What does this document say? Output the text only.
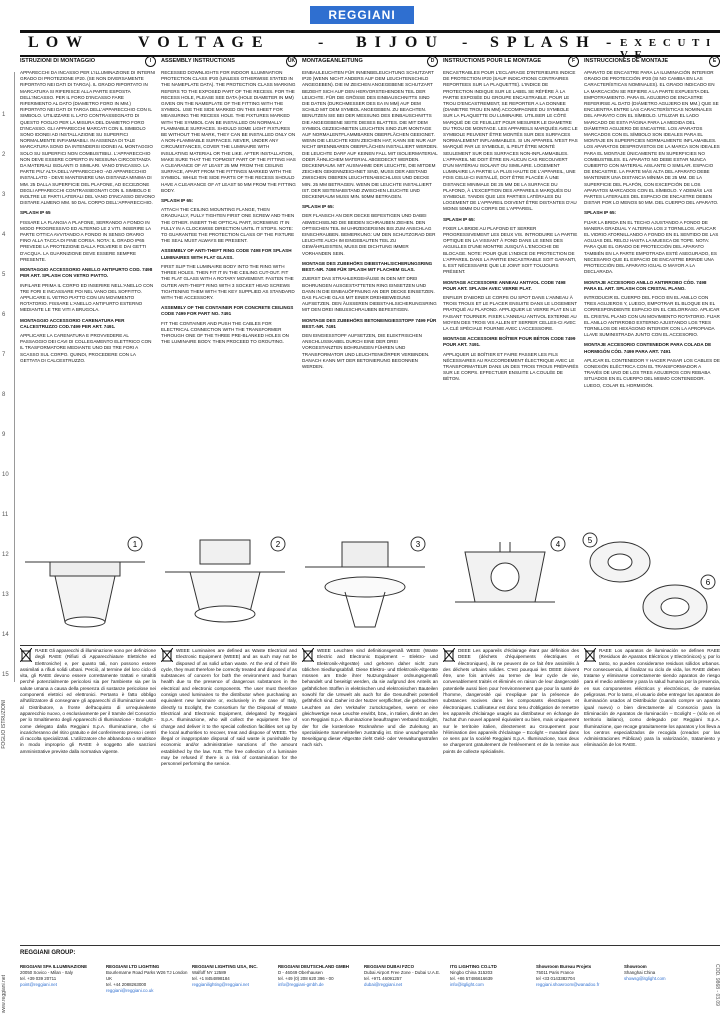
1
2
3
4
5
6
7
8
9
10
11
12
13
14
15
FOGLIO ISTRUZIONI
REGGIANI
L O W	V O L T A G E	- B I J O U - S P L A S H - E X E C U T I V E
ISTRUZIONI DI MONTAGGIO	I

APPARECCHI DA INCASSO PER L'ILLUMINAZIONE DI INTERNI GRADO DI PROTEZIONE IP20. (SE NON DIVERSAMENTE RIPORTATO NEI DATI DI TARGA). IL GRADO RIPORTATO IN MARCATURA SI RIFERISCE ALLA PARTE ESPOSTA DELL'INCASSO. PER IL FORO D'INCASSO FARE RIFERIMENTO AL DATO (DIAMETRO FORO IN MM.) RIPORTATO NEI DATI DI TARGA DELL'APPARECCHIO CON IL SIMBOLO. UTILIZZARE IL LATO CONTRASSEGNATO DI QUESTO FOGLIO PER LA MISURA DEL DIAMETRO FORO D'INCASSO. GLI APPARECCHI MARCATI CON IL SIMBOLO SONO IDONEI AD INSTALLAZIONE SU SUPERFICI NORMALMENTE INFIAMMABILI. IN ASSENZA DI TALE MARCATURA SONO DA INTENDERSI IDONEI AL MONTAGGIO SOLO SU SUPERFICI NON COMBUSTIBILI. L'APPARECCHIO NON DEVE ESSERE COPERTO IN NESSUNA CIRCOSTANZA DA MATERIALI ISOLANTI O SIMILARI. VANO D'INCASSO. LA PARTE PIU' ALTA DELL'APPARECCHIO -AD APPARECCHIO INSTALLATO - DEVE MANTENERE UNA DISTANZA MINIMA DI MM. 25 DALLA SUPERFICIE DEL PLAFONE, AD ECCEZIONE DEGLI APPARECCHI CONTRASSEGNATI CON IL SIMBOLO E INOLTRE LE PARTI LATERALI DEL VANO D'INCASSO DEVONO DISTARE ALMENO MM. 50 DAL CORPO DELL'APPARECCHIO.

SPLASH IP 65

FISSARE LA FLANGIA A PLAFONE, SERRANDO A FONDO IN MODO PROGRESSIVO ED ALTERNO LE 2 VITI. INSERIRE LA PARTE OTTICA AVVITANDO A FONDO IN SENSO ORARIO FINO ALLA TACCA DI FINE CORSA. NOTA: IL GRADO IP65 PREVEDE LA PROTEZIONE DALLA POLVERE E DAI GETTI D'ACQUA. LA GUARNIZIONE DEVE ESSERE SEMPRE PRESENTE.

MONTAGGIO ACCESSORIO ANELLO ANTIFURTO COD. 7498 PER ART. SPLASH CON VETRO PIATTO.

INFILARE PRIMA IL CORPO ED INSERIRE NELL'ANELLO CON TRE FORI E INCASSARE POI NEL VANO DEL SOFFITTO. APPLICARE IL VETRO PIATTO CON UN MOVIMENTO ROTATORIO. FISSARE L'ANELLO ANTIFURTO ESTERNO MEDIANTE LE TRE VITI A BRUGOLA.

MONTAGGIO ACCESSORIO CARENATURA PER CALCESTRUZZO COD.7499 PER ART. 7491.

APPLICARE LA CARENATURA E PROVVEDERE AL PASSAGGIO DEI CAVI DI COLLEGAMENTO ELETTRICO CON IL TRASFORMATORE MEDIANTE UNO DEI TRE FORI A SCASSO SUL CORPO. QUINDI, PROCEDERE CON LA GETTATA DI CALCESTRUZZO.

ASSEMBLY INSTRUCTIONS	UK

RECESSED DOWNLIGHTS FOR INDOOR ILLUMINATION PROTECTION CLASS IP20 (UNLESS OTHERWISE STATED IN THE NAMEPLATE DATA). THE PROTECTION CLASS MARKING REFERS TO THE EXPOSED PART OF THE RECESS. FOR THE RECESS HOLE, PLEASE SEE DATA (HOLE DIAMETER IN MM) GIVEN ON THE NAMEPLATE OF THE FITTING WITH THE SYMBOL. USE THE SIDE MARKED ON THIS SHEET FOR MEASURING THE RECESS HOLE. THE FIXTURES MARKED WITH THE SYMBOL CAN BE INSTALLED ON NORMALLY FLAMMABLE SURFACES. SHOULD SOME LIGHT FIXTURES BE WITHOUT THE MARK, THEY CAN BE INSTALLED ONLY ON A NON-FLAMMABLE SURFACES. NEVER, UNDER ANY CIRCUMSTANCES, COVER THE LUMINAIRE WITH INSULATING MATERIAL OR THE LIKE. AFTER INSTALLATION, MAKE SURE THAT THE TOPMOST PART OF THE FITTING HAS A CLEARANCE OF AT LEAST 25 MM FROM THE CEILING SURFACE, APART FROM THE FITTINGS MARKED WITH THE SYMBOL. WHILE THE SIDE PARTS OF THE RECESS SHOULD HAVE A CLEARANCE OF AT LEAST 50 MM FROM THE FITTING BODY.

SPLASH IP 65:

ATTACH THE CEILING MOUNTING FLANGE, THEN GRADUALLY, FULLY TIGHTEN FIRST ONE SCREW AND THEN THE OTHER. INSERT THE OPTICAL PART, SCREWING IT IN FULLY IN A CLOCKWISE DIRECTION UNTIL IT STOPS. NOTE: TO GUARANTEE THE PROTECTION CLASS OF THE FIXTURE THE SEAL MUST ALWAYS BE PRESENT.

ASSEMBLY OF ANTI-THEFT RING CODE 7498 FOR SPLASH LUMINAIRES WITH FLAT GLASS.

FIRST SLIP THE LUMINAIRE BODY INTO THE RING WITH THREE HOLES. THEN FIT IT IN THE CEILING CUT-OUT. FIT THE FLAT GLASS WITH A ROTARY MOVEMENT. FASTEN THE OUTER ANTI-THEFT RING WITH 3 SOCKET HEAD SCREWS TIGHTENING THEM WITH THE KEY SUPPLIED AS STANDARD WITH THE ACCESSORY.

ASSEMBLY OF THE CONTAINER FOR CONCRETE CEILINGS CODE 7499 FOR PART NO. 7491

FIT THE CONTAINER AND PUSH THE CABLES FOR ELECTRICAL CONNECTION WITH THE TRANSFORMER THROUGH ONE OF THE THREE PRE-BLANKED HOLES ON THE LUMINAIRE BODY. THEN PROCEED TO GROUTING.

MONTAGEANLEITUNG	D

EINBAULEUCHTEN FÜR INNENBELEUCHTUNG SCHUTZART IP20 (WENN NICHT ANDERS AUF DEM LEUCHTENSCHILD ANGEGEBEN). DIE IM ZEICHEN ANGEGEBENE SCHUTZART BEZIEHT SICH AUF DEN HERVORSTEHENDEN TEIL DER LEUCHTE. FÜR DIE GRÖSSE DES EINBAUSCHNITTS SIND DIE DATEN (DURCHMESSER DES EA IN MM) AUF DEM SCHILD MIT DEM SYMBOL ANGEGEBEN. ZU BEACHTEN. BENUTZEN SIE BEI DER MESSUNG DES EINBAUSCHNITTS DIE ANGEGEBENE SEITE DIESES BLATTES. DIE MIT DEM SYMBOL GEZEICHNETEN LEUCHTEN SIND ZUR MONTAGE AUF NORMALENTFLAMMBAREN OBERFLÄCHEN GEEIGNET. WENN DIE LEUCHTE KEIN ZEICHEN HAT, KANN SIE NUR AUF NICHT BRENNBAREN OBERFLÄCHEN INSTALLIERT WERDEN. DIE LEUCHTE DARF AUF KEINEN FALL MIT ISOLIERMATERIAL ODER ÄHNLICHEM MATERIAL ABGEDECKT WERDEN. DECKENRAUM. MIT AUSNAHME DER LEUCHTE, DIE MITDEM ZEICHEN GEKENNZEICHNET SIND, MUSS DER ABSTAND ZWISCHEN OBEREN LEUCHTENABSCHLUSS UND DECKE MIN. 25 MM BETRAGEN. WENN DIE LEUCHTE INSTALLIERT IST. DER SEITENABSTAND ZWISCHEN LEUCHTE UND DECKENRAUM MUSS MIN. 50MM BETRAGEN.

SPLASH IP 65:

DER FLANSCH AN DER DECKE BEFESTIGEN UND DABEI ABWECHSELND DIE BEIDEN SCHRAUBEN ZIEHEN. DEN OPTISCHEN TEIL IM UHRZEIGERSINN BIS ZUM ANSCHLAG EINSCHRAUBEN. BEMERKUNG: UM DEN SCHUTZGRAD DER LEUCHTE AUCH IM EINGEBAUTEN TEIL ZU GEWÄHRLEISTEN, MUSS DIE DICHTUNG IMMER VORHANDEN SEIN.

MONTAGE DES ZUBEHÖRS DIEBSTAHLSICHERUNGSRING BEST.-NR. 7498 FÜR SPLASH MIT FLACHEM GLAS.

ZUERST DAS STRAHLERGEHÄUSE IN DEN MIT DREI BOHRUNGEN AUSGESTATTETEN RING EINSETZEN UND DANN IN DIE EINBAUÖFFNUNG AN DER DECKE EINSETZEN. DAS FLACHE GLAS MIT EINER DREHBEWEGUNG AUFSETZEN. DEN ÄUSSEREN DIEBSTAHLSICHERUNGSRING MIT DEN DREI INBUSSCHRAUBEN BEFESTIGEN.

MONTAGE DES ZUBEHÖRS BETONEINGIESSTOPF 7499 FÜR BEST.-NR. 7491

DEN EINGIESSTOPF AUFSETZEN, DIE ELEKTRISCHEN ANSCHLUSSKABEL DURCH EINE DER DREI VORGESTANZTEN BOHRUNGEN FÜHREN UND TRANSFORMATOR UND LEUCHTENKÖRPER VERBINDEN. DANACH KANN MIT DER BETONIERUNG BEGONNEN WERDEN.

INSTRUCTIONS POUR LE MONTAGE	F

ENCASTRABLES POUR L'ECLAIRAGE D'INTERIEURS INDICE DE PROTECTION IP20 (SAUF INDICATIONS CONTRAIRES REPORTEES SUR LA PLAQUETTE). L'INDICE DE PROTECTION INDIQUE SUR LE LABEL SE RÉFÈRE À LA PARTIE EXPOSÉE DU GROUPE ENCASTRABLE. POUR LE TROU D'ENCASTREMENT, SE REPORTER A LA DONNEE (DIAMETRE TROU EN MM) ACCOMPAGNEE DU SYMBOLE SUR LA PLAQUETTE DU LUMINAIRE. UTILISER LE CÔTÉ MARQUÉ DE CE FEUILLET POUR MESURER LE DIAMETRE DU TROU DE MONTAGE. LES APPAREILS MARQUÉS AVEC LE SYMBOLE PEUVENT ÊTRE MONTÉS SUR DES SURFACES NORMALEMENT INFLAMMABLES. SI UN APPAREIL N'EST PAS MARQUÉ PAR LE SYMBOLE, IL PEUT ÊTRE MONTÉ SEULEMENT SUR DES SURFACES NON-INFLAMMABLES. L'APPAREIL NE DOIT ÊTRE EN AUCUN CAS RECOUVERT D'UN MATÉRIAU ISOLANT OU SIMILAIRE. LOGEMENT LUMINAIRE LA PARTIE LA PLUS HAUTE DE L'APPAREIL, UNE FOIS CELUI-CI INSTALLÉ, DOIT ÊTRE PLACÉE À UNE DISTANCE MINIMALE DE 25 MM DE LA SURFACE DU PLAFOND, À L'EXCEPTION DES APPAREILS MARQUÉS DU SYMBOLE. TANDIS QUE LES PARTIES LATÉRALES DU LOGEMENT DE L'APPAREIL DOIVENT ÊTRE DISTANTES D'AU MOINS 50MM DU CORPS DE L'APPAREIL.

SPLASH IP 65:

FIXER LA BRIDE AU PLAFOND ET SERRER PROGRESSIVEMENT LES DEUX VIS. INTRODUIRE LA PARTIE OPTIQUE EN LA VISSANT À FOND DANS LE SENS DES AIGUILLES D'UNE MONTRE JUSQU'À L'ENCOCHE DE BLOCAGE. NOTE: POUR QUE L'INDICE DE PROTECTION DE L'APPAREIL DANS LA PARTIE ENCASTRABLE SOIT GARANTI, IL EST NÉCESSAIRE QUE LE JOINT SOIT TOUJOURS PRÉSENT.

MONTAGE ACCESSOIRE ANNEAU ANTIVOL CODE 7498 POUR ART. SPLASH AVEC VERRE PLAT.

ENFILER D'ABORD LE CORPS OU SPOT DANS L'ANNEAU À TROIS TROUS ET LE PLACER ENSUITE DANS LE LOGEMENT PRATIQUÉ AU PLAFOND. APPLIQUER LE VERRE PLAT EN LE FAISANT TOURNER. FIXER L'ANNEAU ANTIVOL EXTERNE AU MOYEN DES TROIS VIS ALLEN ET SERRER CELLES-CI AVEC LA CLÉ SPÉCIALE FOURNIE AVEC L'ACCESSOIRE.

MONTAGE ACCESSOIRE BOÎTIER POUR BÉTON CODE 7499 POUR ART. 7491.

APPLIQUER LE BOÎTIER ET FAIRE PASSER LES FILS NÉCESSAIRES AU RACCORDEMENT ÉLECTRIQUE AVEC LE TRANSFORMATEUR DANS UN DES TROIS TROUS PRÉPARÉS SUR LE CORPS. EFFECTUER ENSUITE LA COULÉE DE BÉTON.

INSTRUCCIONES DE MONTAJE	E

APARATO DE ENCASTRE PARA LA ILUMINACIÓN INTERIOR GRADO DE PROTECCIÓN IP20 (SI NO CAMBIA EN LAS CARACTERÍSTICAS NOMINALES). EL GRADO INDICADO EN LA MARCACIÓN SE REFIERE A LA PARTE EXPUESTA DEL EMPOTRAMIENTO. PARA EL AGUJERO DE ENCASTRE REFERIRSE AL DATO (DIÁMETRO AGUJERO EN MM.) QUE SE ENCUENTRA ENTRE LAS CARACTERÍSTICAS NOMINALES DEL APARATO CON EL SÍMBOLO. UTILIZAR EL LADO MARCADO DE ESTA PÁGINA PARA LA MEDIDA DEL DIÁMETRO AGUJERO DE ENCASTRE. LOS APARATOS MARCADOS CON EL SÍMBOLO SON IDEALES PARA EL MONTAJE EN SUPERFICIES NORMALMENTE INFLAMABLES. LOS APARATOS DESPROVISTOS DE LA MARCA SON IDEALES PARA EL MONTAJE ÚNICAMENTE EN SUPERFICIES NO COMBUSTIBLES. EL APARATO NO DEBE ESTAR NUNCA CUBIERTO CON MATERIAL AISLANTE O SIMILAR. ESPACIO DE ENCASTRE. LA PARTE MÁS ALTA DEL APARATO DEBE MANTENER UNA DISTANCIA MÍNIMA DE 25 MM. DE LA SUPERFICIE DEL PLAFÓN, CON EXCEPCIÓN DE LOS APARATOS MARCADOS CON EL SÍMBOLO. Y ADEMÁS LAS PARTES LATERALES DEL ESPACIO DE ENCASTRE DEBEN DISTAR POR LO MENOS 50 MM. DEL CUERPO DEL APARATO.

SPLASH IP 65:

FIJAR LA BRIDA EN EL TECHO AJUSTANDO A FONDO DE MANERA GRADUAL Y ALTERNA LOS 2 TORNILLOS. APLICAR EL VIDRIO ATORNILLANDO A FONDO EN EL SENTIDO DE LAS AGUJAS DEL RELOJ HASTA LA MUESCA DE TOPE. NOTA: PARA QUE EL GRADO DE PROTECCIÓN DEL APARATO TAMBIÉN EN LA PARTE EMPOTRADA ESTÉ ASEGURADO, ES NECESARIO QUE EL ESPACIO DE ENCASTRE BRINDE UNA PROTECCIÓN DEL APARATO IGUAL O MAYOR A LA DECLARADA.

MONTAJE ACCESORIO ANILLO ANTIRROBO CÓD. 7498 PARA EL ART. SPLASH CON CRISTAL PLANO.

INTRODUCIR EL CUERPO DEL FOCO EN EL ANILLO CON TRES AGUJEROS Y, LUEGO, EMPOTRAR EL BLOQUE EN EL CORRESPONDIENTE ESPACIO EN EL CIELORRASO. APLICAR EL CRISTAL PLANO CON UN MOVIMIENTO ROTATORIO. FIJAR EL ANILLO ANTIRROBO EXTERNO AJUSTANDO LOS TRES TORNILLOS DE HEXÁGONO INTERIOR CON LA APROPIADA LLAVE SUMINISTRADA JUNTO CON EL ACCESORIO.

MONTAJE ACCESORIO CONTENEDOR PARA COLADA DE HORMIGÓN CÓD. 7499 PARA ART. 7491

APLICAR EL CONTENEDOR Y HACER PASAR LOS CABLES DE CONEXIÓN ELÉCTRICA CON EL TRANSFORMADOR A TRAVÉS DE UNO DE LOS TRES AGUJEROS CON REBABA SITUADOS EN EL CUERPO DEL MISMO CONTENEDOR. LUEGO, COLAR EL HORMIGÓN.

1	2	3	4	5
6
RAEE Gli apparecchi di illuminazione sono per definizione degli RAEE (Rifiuti di Apparecchiature Elettriche ed Elettroniche) e, per quanto tali, non possono essere assimilati a rifiuti solidi urbani. Perciò, al termine del loro ciclo di vita, gli RAEE devono essere correttamente trattati e smaltiti perché potenzialmente pericolosi sia per l'ambiente sia per la salute umana a causa della presenza di sostanze pericolose nei componenti elettrici ed elettronici. Pertanto è fatto obbligo all'utilizzatore di consegnare gli apparecchi di illuminazione usati al Distributore, a fronte dell'acquisto di un'equivalente apparecchio nuovo, o esclusivamente per il tramite del Consorzio per lo Smaltimento degli Apparecchi di Illuminazione - Ecolight - come delegato dalla Reggiani S.p.A. Illuminazione, che si incaricheranno del ritiro gratuito e del conferimento presso i centri di raccolta specializzati. L'utilizzatore che abbandona o smaltisce in modo improprio gli RAEE è soggetto alle sanzioni amministrative previste dalla normativa vigente.
WEEE Luminaires are defined as Waste Electrical and Electronic Equipment (WEEE) and as such may not be disposed of as solid urban waste. At the end of their life cycle, they must therefore be correctly treated and disposed of as substances of concern for both the environment and human health due to the presence of dangerous substances in the electrical and electronic components. The user must therefore consign used luminaires to the distributor when purchasing an equivalent new luminaire or, exclusively in the case of Italy, directly to Ecolight, the Consortium for the Disposal of Waste Electrical and Electronic Equipment, delegated by Reggiani S.p.A. Illuminazione, who will collect the equipment free of charge and deliver it to the special collection facilities set up by the local authorities to recover, treat and dispose of WEEE. The illegal or inappropriate disposal of said waste is punishable by economic and/or administrative sanctions of the amount established by the law. N.B. The free collection of a luminaire may be refused if there is a risk of contamination for the personnel performing the service.
WEEE Leuchten sind definitionsgemäß WEEE (Waste Electric and Electronic Equipment – Elektro- und Elektronik-Altgeräte) und gehören daher nicht zum üblichen Siedlungsabfall. Diese Elektro- und Elektronik-Altgeräte müssen am Ende ihrer Nutzungsdauer ordnungsgemäß behandelt und beseitigt werden, da sie aufgrund des Anteils an gefährlichen Stoffen in elektrischen und elektronischen Bauteilen sowohl für die Umwelt als auch für die Gesundheit potentiell gefährlich sind. Daher ist der Nutzer verpflichtet, die gebrauchten Leuchten an den Verkäufer zurückzugeben, wenn er eine gleichwertige neue Leuchte erwirbt, bzw., in Italien, direkt an den von Reggiani S.p.A. Illuminazione beauftragten Verband Ecolight, der für die kostenlose Rücknahme und die Zuleitung an spezialisierte Sammelstellen zuständig ist. Eine unsachgemäße Beseitigung dieser Altgeräte zieht Geld- oder Verwaltungsstrafen nach sich.
DEEE Les appareils d'éclairage étant par définition des DEEE (déchets d'équipements électriques et électroniques), ils ne peuvent de ce fait être assimilés à des déchets urbains solides. C'est pourquoi les DEEE doivent être, une fois arrivés au terme de leur cycle de vie, convenablement traités et éliminés en raison de leur dangerosité potentielle aussi bien pour l'environnement que pour la santé de l'homme, dangerosité qui s'explique par la présence de substances nocives dans les composants électriques et électroniques. L'utilisateur est donc tenu d'obligation de remettre les appareils d'éclairage usagés au distributeur en échange de l'achat d'un nouvel appareil équivalent ou bien, mais uniquement sur le territoire italien, directement au Groupement pour l'élimination des appareils d'éclairage – Ecolight – mandaté dans ce sens par la société Reggiani S.p.A. Illuminazione, tous deux se chargeront gratuitement de l'enlèvement et de la remise aux points de collecte spécialisés.
RAEE Los aparatos de iluminación se definen RAEE (Residuos de Aparatos Eléctricos y Electrónicos) y, por lo tanto, no pueden considerarse residuos sólidos urbanos. Por consecuencia, al finalizar su ciclo de vida, los RAEE deben tratarse y eliminarse correctamente siendo aparatos de riesgo para el medio ambiente y para la salud humana por la presencia, en sus componentes eléctricos y electrónicos, de materias peligrosas. Por lo tanto, el usuario debe entregar los aparatos de iluminación usados al Distribuidor (cuando compre un aparato igual nuevo) o bien directamente al Consorcio para la Eliminación de Aparatos de Iluminación – Ecolight – (sólo en el territorio italiano), como delegado por Reggiani S.p.A. Illuminazione, que recoge gratuitamente los aparatos y los lleva a los centros especializados de recogida (creados por las Administraciones Públicas) para la valorización, tratamiento y eliminación de los RAEE.
REGGIANI GROUP:
REGGIANI SPA ILLUMINAZIONE
20050 Sovico - Milan - Italy
tel. +39 039 20711
point@reggiani.net
REGGIANI LTD LIGHTING
Bourlemarne Road Parks W26 TJ London UK
tel. +44 2088263000
reggiani@reggiani.co.uk
REGGIANI LIGHTING USA, INC.
Walfoff NY 12589
tel. +1 8454898184
reggianilighting@reggiani.net
REGGIANI DEUTSCHLAND GMBH
D - 46049 Oberhausen
tel. +49 (0) 208 620 396 - 00
info@reggiani-gmbh.de
REGGIANI DUBAI FZCO
Dubai Airport Free Zone - Dubai U.A.E.
tel. +971 46091257
dubai@reggiani.net
ITG LIGHTING CO.LTD
Ningbo China 315203
tel. +86 57486616639
info@itglight.com
Showroom Bureau Projets
75011 Paris France
tel +33 0143382704
reggiani.showroom@wanadoo.fr
Showroom
Shanghai China
showsg@itglight.com
www.reggiani.net	COD. 9868 - 03.09
